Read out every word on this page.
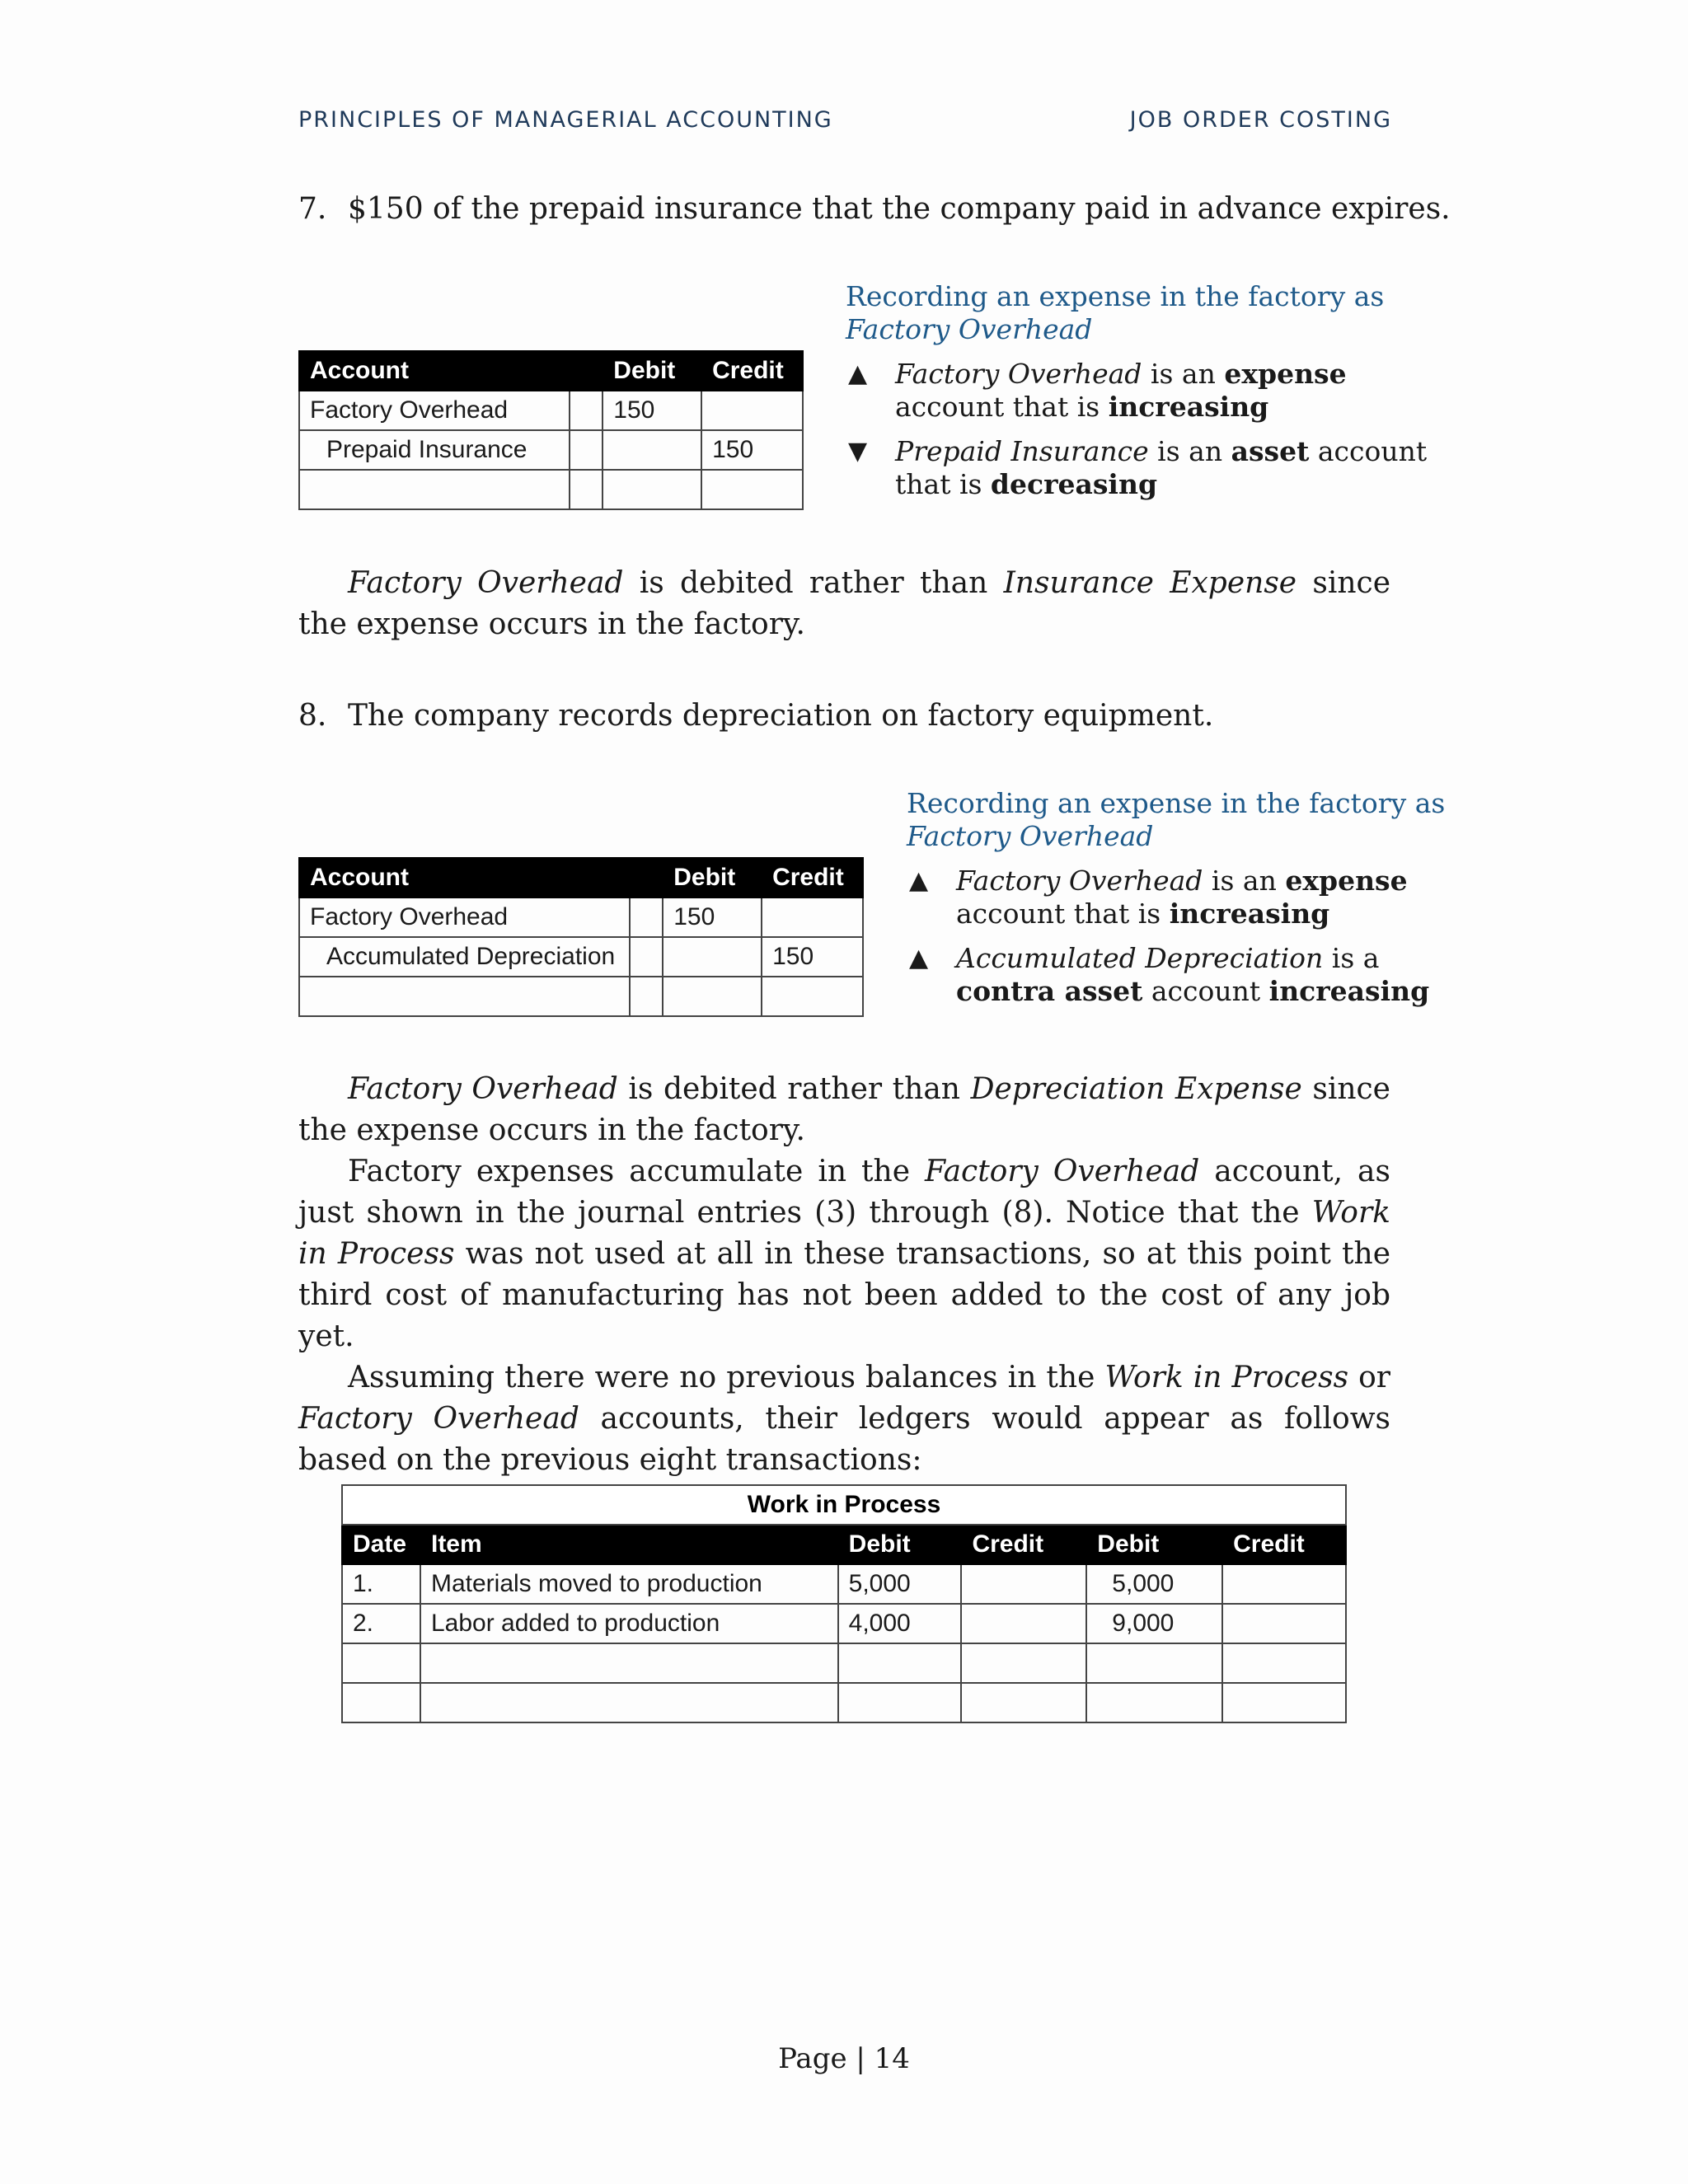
PRINCIPLES OF MANAGERIAL ACCOUNTING	JOB ORDER COSTING
7. $150 of the prepaid insurance that the company paid in advance expires.
Account		Debit	Credit
Factory Overhead		150	
Prepaid Insurance			150

Recording an expense in the factory as
Factory Overhead
▲ Factory Overhead is an expense
account that is increasing
▼ Prepaid Insurance is an asset account
that is decreasing

Factory Overhead is debited rather than Insurance Expense since the expense occurs in the factory.

8. The company records depreciation on factory equipment.
Account		Debit	Credit
Factory Overhead		150	
Accumulated Depreciation			150

Recording an expense in the factory as
Factory Overhead
▲ Factory Overhead is an expense
account that is increasing
▲ Accumulated Depreciation is a
contra asset account increasing

Factory Overhead is debited rather than Depreciation Expense since the expense occurs in the factory.

Factory expenses accumulate in the Factory Overhead account, as just shown in the journal entries (3) through (8). Notice that the Work in Process was not used at all in these transactions, so at this point the third cost of manufacturing has not been added to the cost of any job yet.

Assuming there were no previous balances in the Work in Process or Factory Overhead accounts, their ledgers would appear as follows based on the previous eight transactions:

Work in Process					
Date	Item	Debit	Credit	Debit	Credit
1.	Materials moved to production	5,000		5,000	
2.	Labor added to production	4,000		9,000	

Page | 14
